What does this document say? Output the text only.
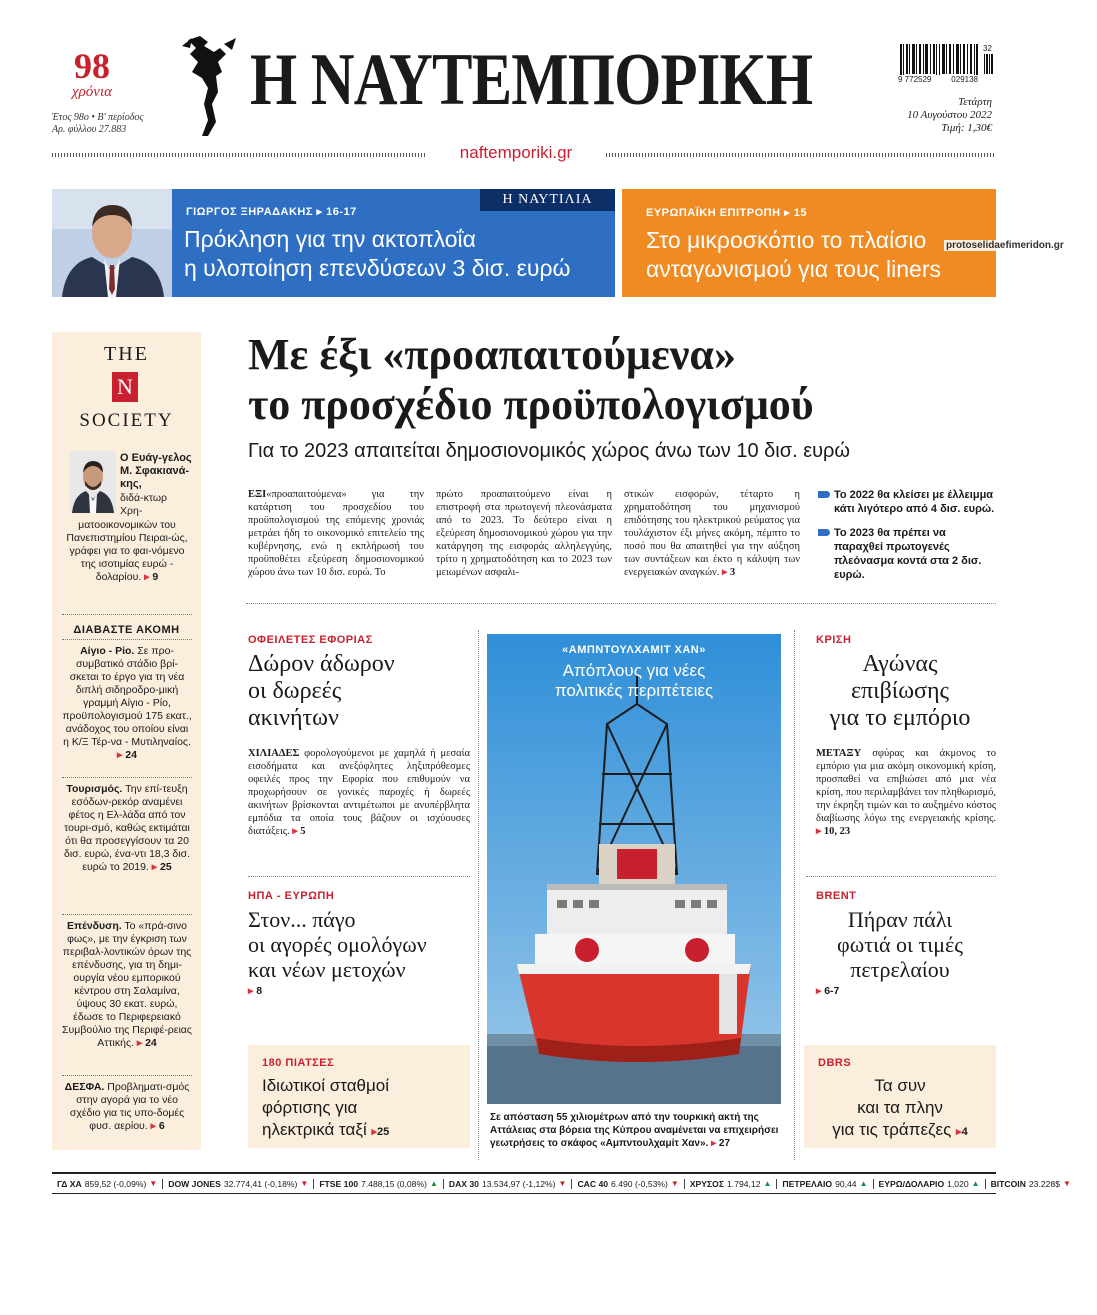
98
χρόνια
Έτος 98ο • Β' περίοδος
Αρ. φύλλου 27.883
Η ΝΑΥΤΕΜΠΟΡΙΚΗ	9 772529 029138
32
Τετάρτη
10 Αυγούστου 2022
Τιμή: 1,30€
naftemporiki.gr
Η ΝΑΥΤΙΛΙΑ
ΓΙΩΡΓΟΣ ΞΗΡΑΔΑΚΗΣ ▸ 16-17
Πρόκληση για την ακτοπλοΐα
η υλοποίηση επενδύσεων 3 δισ. ευρώ
ΕΥΡΩΠΑΪΚΗ ΕΠΙΤΡΟΠΗ ▸ 15
Στο μικροσκόπιο το πλαίσιο
ανταγωνισμού για τους liners
protoselidaefimeridon.gr
THE
N
SOCIETY
Ο Ευάγ-γελος Μ. Σφακιανά-κης,
διδά-κτωρ Χρη-
ματοοικονομικών του Πανεπιστημίου Πειραι-ώς, γράφει για το φαι-νόμενο της ισοτιμίας ευρώ - δολαρίου. ▸ 9
ΔΙΑΒΑΣΤΕ ΑΚΟΜΗ
Αίγιο - Ρίο. Σε προ-συμβατικό στάδιο βρί-σκεται το έργο για τη νέα διπλή σιδηροδρο-μική γραμμή Αίγιο - Ρίο, προϋπολογισμού 175 εκατ., ανάδοχος του οποίου είναι η Κ/Ξ Τέρ-να - Μυτιληναίος. ▸ 24
Τουρισμός. Την επί-τευξη εσόδων-ρεκόρ αναμένει φέτος η Ελ-λάδα από τον τουρι-σμό, καθώς εκτιμάται ότι θα προσεγγίσουν τα 20 δισ. ευρώ, ένα-ντι 18,3 δισ. ευρώ το 2019. ▸ 25
Επένδυση. Το «πρά-σινο φως», με την έγκριση των περιβαλ-λοντικών όρων της επένδυσης, για τη δημι-ουργία νέου εμπορικού κέντρου στη Σαλαμίνα, ύψους 30 εκατ. ευρώ, έδωσε το Περιφερειακό Συμβούλιο της Περιφέ-ρειας Αττικής. ▸ 24
ΔΕΣΦΑ. Προβληματι-σμός στην αγορά για το νέο σχέδιο για τις υπο-δομές φυσ. αερίου. ▸ 6
Με έξι «προαπαιτούμενα»
το προσχέδιο προϋπολογισμού
Για το 2023 απαιτείται δημοσιονομικός χώρος άνω των 10 δισ. ευρώ
ΕΞΙ«προαπαιτούμενα» για την κατάρτιση του προσχεδίου του προϋπολογισμού της επόμενης χρονιάς μετράει ήδη το οικονομικό επιτελείο της κυβέρνησης, ενώ η εκπλήρωσή του προϋποθέτει εξεύρεση δημοσιονομικού χώρου άνω των 10 δισ. ευρώ. Το
πρώτο προαπαιτούμενο είναι η επιστροφή στα πρωτογενή πλεονάσματα από το 2023. Το δεύτερο είναι η εξεύρεση δημοσιονομικού χώρου για την κατάργηση της εισφοράς αλληλεγγύης, τρίτο η χρηματοδότηση και το 2023 των μειωμένων ασφαλι-
στικών εισφορών, τέταρτο η χρηματοδότηση του μηχανισμού επιδότησης του ηλεκτρικού ρεύματος για τουλάχιστον έξι μήνες ακόμη, πέμπτο το ποσό που θα απαιτηθεί για την αύξηση των συντάξεων και έκτο η κάλυψη των ενεργειακών αναγκών. ▸ 3
Το 2022 θα κλείσει με έλλειμμα κάτι λιγότερο από 4 δισ. ευρώ.
Το 2023 θα πρέπει να παραχθεί πρωτογενές πλεόνασμα κοντά στα 2 δισ. ευρώ.
ΟΦΕΙΛΕΤΕΣ ΕΦΟΡΙΑΣ
Δώρον άδωρον
οι δωρεές
ακινήτων
ΧΙΛΙΑΔΕΣ φορολογούμενοι με χαμηλά ή μεσαία εισοδήματα και ανεξόφλητες ληξιπρόθεσμες οφειλές προς την Εφορία που επιθυμούν να προχωρήσουν σε γονικές παροχές ή δωρεές ακινήτων βρίσκονται αντιμέτωποι με ανυπέρβλητα εμπόδια τα οποία τους βάζουν οι ισχύουσες διατάξεις. ▸ 5
ΗΠΑ - ΕΥΡΩΠΗ
Στον... πάγο
οι αγορές ομολόγων
και νέων μετοχών
▸ 8
180 ΠΙΑΤΣΕΣ
Ιδιωτικοί σταθμοί
φόρτισης για
ηλεκτρικά ταξί ▸25
«ΑΜΠΝΤΟΥΛΧΑΜΙΤ ΧΑΝ»
Απόπλους για νέες
πολιτικές περιπέτειες
Σε απόσταση 55 χιλιομέτρων από την τουρκική ακτή της Αττάλειας στα βόρεια της Κύπρου αναμένεται να επιχειρήσει γεωτρήσεις το σκάφος «Αμπντουλχαμίτ Χαν». ▸ 27
ΚΡΙΣΗ
Αγώνας
επιβίωσης
για το εμπόριο
ΜΕΤΑΞΥ σφύρας και άκμονος το εμπόριο για μια ακόμη οικονομική κρίση, προσπαθεί να επιβιώσει από μια νέα κρίση, που περιλαμβάνει τον πληθωρισμό, την έκρηξη τιμών και το αυξημένο κόστος διαβίωσης λόγω της ενεργειακής κρίσης. ▸ 10, 23
BRENT
Πήραν πάλι
φωτιά οι τιμές
πετρελαίου
▸ 6-7
DBRS
Τα συν
και τα πλην
για τις τράπεζες ▸4
ΓΔ ΧΑ 859,52 (-0,09%) ▼ DOW JONES 32.774,41 (-0,18%) ▼ FTSE 100 7.488,15 (0,08%) ▲ DAX 30 13.534,97 (-1,12%) ▼ CAC 40 6.490 (-0,53%) ▼ ΧΡΥΣΟΣ 1.794,12 ▲ ΠΕΤΡΕΛΑΙΟ 90,44 ▲ ΕΥΡΩ/ΔΟΛΑΡΙΟ 1,020 ▲ BITCOIN 23.228$ ▼
